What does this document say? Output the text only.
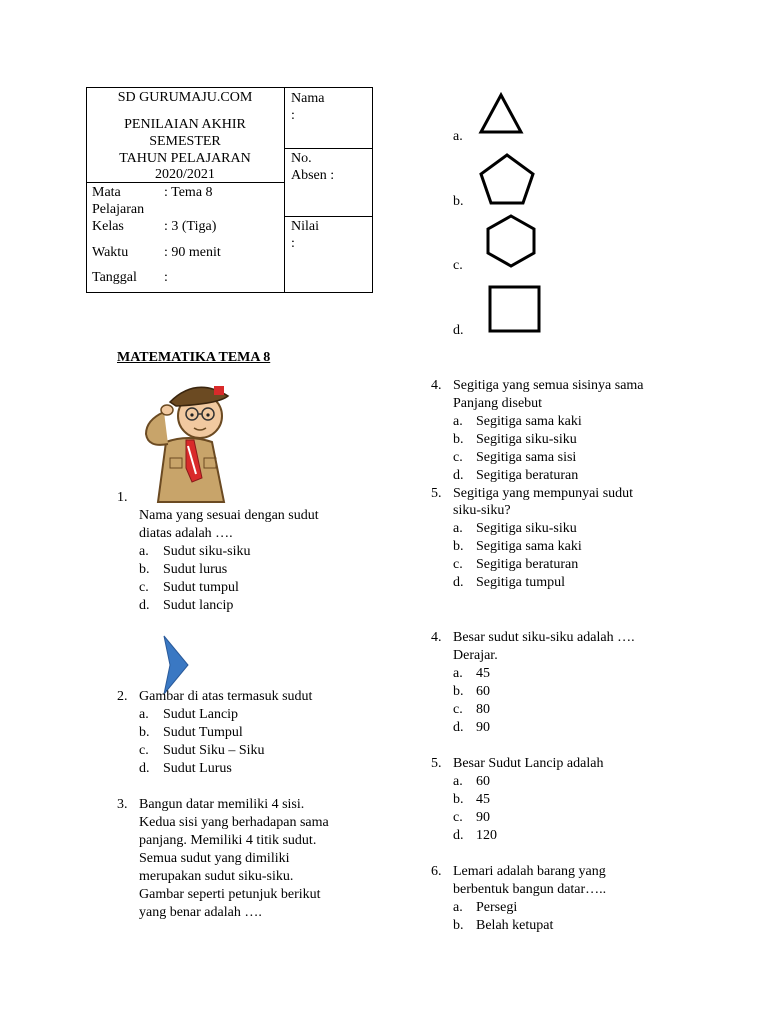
SD GURUMAJU.COM
PENILAIAN AKHIR
SEMESTER
TAHUN PELAJARAN
2020/2021
Mata
Pelajaran
: Tema 8
Kelas	: 3 (Tiga)
Waktu	: 90 menit
Tanggal :
Nama
:
No.
Absen :
Nilai
:
MATEMATIKA TEMA 8
1.
Nama yang sesuai dengan sudut
diatas adalah ….
a. Sudut siku-siku
b. Sudut lurus
c. Sudut tumpul
d. Sudut lancip
2. Gambar di atas termasuk sudut
a. Sudut Lancip
b. Sudut Tumpul
c. Sudut Siku – Siku
d. Sudut Lurus
3. Bangun datar memiliki 4 sisi.
Kedua sisi yang berhadapan sama
panjang. Memiliki 4 titik sudut.
Semua sudut yang dimiliki
merupakan sudut siku-siku.
Gambar seperti petunjuk berikut
yang benar adalah ….
a.
b.
c.
d.
4. Segitiga yang semua sisinya sama
Panjang disebut
a. Segitiga sama kaki
b. Segitiga siku-siku
c. Segitiga sama sisi
d. Segitiga beraturan
5. Segitiga yang mempunyai sudut
siku-siku?
a. Segitiga siku-siku
b. Segitiga sama kaki
c. Segitiga beraturan
d. Segitiga tumpul
4. Besar sudut siku-siku adalah ….
Derajar.
a. 45
b. 60
c. 80
d. 90
5. Besar Sudut Lancip adalah
a. 60
b. 45
c. 90
d. 120
6. Lemari adalah barang yang
berbentuk bangun datar…..
a. Persegi
b. Belah ketupat
